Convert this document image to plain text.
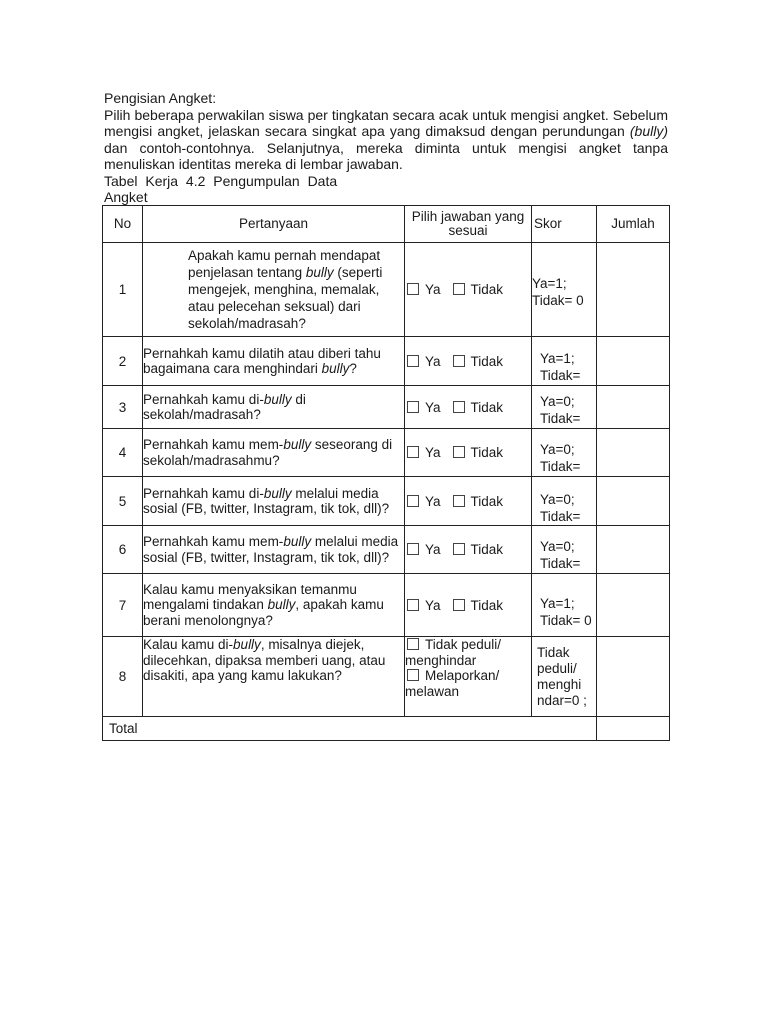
Pengisian Angket:
Pilih beberapa perwakilan siswa per tingkatan secara acak untuk mengisi angket. Sebelum mengisi angket, jelaskan secara singkat apa yang dimaksud dengan perundungan (bully) dan contoh-contohnya. Selanjutnya, mereka diminta untuk mengisi angket tanpa menuliskan identitas mereka di lembar jawaban.
Tabel Kerja 4.2 Pengumpulan Data
Angket
No	Pertanyaan	Pilih jawaban yang sesuai	Skor	Jumlah
1	Apakah kamu pernah mendapat penjelasan tentang bully (seperti mengejek, menghina, memalak, atau pelecehan seksual) dari sekolah/madrasah?	Ya Tidak	Ya=1; Tidak= 0	
2	Pernahkah kamu dilatih atau diberi tahu bagaimana cara menghindari bully?	Ya Tidak	Ya=1; Tidak=	

3	Pernahkah kamu di-bully di sekolah/madrasah?	Ya Tidak	Ya=0; Tidak=	

4	Pernahkah kamu mem-bully seseorang di sekolah/madrasahmu?	Ya Tidak	Ya=0; Tidak=	

5	Pernahkah kamu di-bully melalui media sosial (FB, twitter, Instagram, tik tok, dll)?	Ya Tidak	Ya=0; Tidak=	

6	Pernahkah kamu mem-bully melalui media sosial (FB, twitter, Instagram, tik tok, dll)?	Ya Tidak	Ya=0; Tidak=	

7	Kalau kamu menyaksikan temanmu mengalami tindakan bully, apakah kamu berani menolongnya?	Ya Tidak	Ya=1; Tidak= 0	

8	Kalau kamu di-bully, misalnya diejek, dilecehkan, dipaksa memberi uang, atau disakiti, apa yang kamu lakukan?	Tidak peduli/ menghindar
Melaporkan/ melawan	Tidak peduli/ menghi ndar=0 ;	

Total				
